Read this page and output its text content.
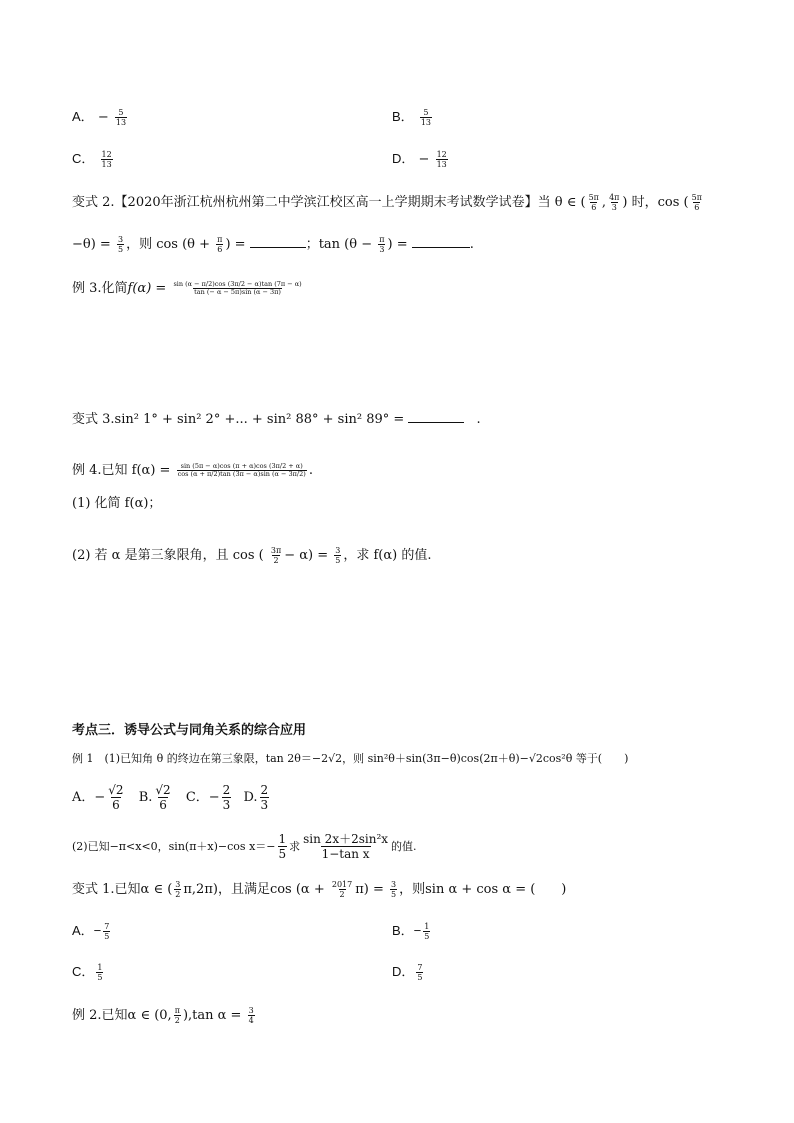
A． − $\frac{5}{13}$	B． $\frac{5}{13}$
C． $\frac{12}{13}$	D． − $\frac{12}{13}$
变式 2.【2020年浙江杭州杭州第二中学滨江校区高一上学期期末考试数学试卷】当 θ ∈ ( $\frac{5\pi}{6}$ , $\frac{4\pi}{3}$ ) 时，cos ( $\frac{5\pi}{6}$
$-\theta) = \frac{3}{5}$ ，则 $\cos (\theta + \frac{\pi}{6}$ ) =	；$\tan (\theta - \frac{\pi}{3}$ ) =	.
例 3.化简$f(\alpha) = \frac{\sin (\alpha - \pi/2)\cos (3\pi/2 - \alpha)\tan (7\pi - \alpha)}{\tan (- \alpha - 5\pi)\sin (\alpha - 3\pi)}$
变式 3.sin² 1° + sin² 2° +... + sin² 88° + sin² 89° =	.
例 4.已知 $f(\alpha) = \frac{\sin (5\pi - \alpha)\cos (\pi + \alpha)\cos (3\pi/2 + \alpha)}{\cos (\alpha + \pi/2)\tan (3\pi - \alpha)\sin (\alpha - 3\pi/2)}$ .
(1) 化简 f(α)；
(2) 若 α 是第三象限角，且 cos ( $\frac{3\pi}{2} - \alpha) = \frac{3}{5}$ ，求 f(α) 的值.
考点三．诱导公式与同角关系的综合应用
例 1　(1)已知角 θ 的终边在第三象限，tan 2θ＝−2√2，则 sin²θ＋sin(3π−θ)cos(2π＋θ)−√2cos²θ 等于(　　)
A．− $\frac{√2}{6} B$. $\frac{√2}{6}$ C．− $\frac{2}{3} D$. $\frac{2}{3}$
(2)已知−π<x<0，sin(π＋x)−cos $x=- \frac{1}{5}$ 求 $\frac{\text{sin 2x＋2sin²x}}{\text{1−tan x}}$ 的值.
变式 1.已知α ∈ ( $\frac{3}{2} \pi,2\pi$)，且满足$\cos (\alpha + \frac{2017}{2} \pi) = \frac{3}{5}$ ，则sin α + cos α = (　　)
A．− $\frac{7}{5}$	B．− $\frac{1}{5}$
C． $\frac{1}{5}$	D． $\frac{7}{5}$
例 2.已知α ∈ (0, $\frac{\pi}{2} ),\tan$ $\alpha = \frac{3}{4}$
